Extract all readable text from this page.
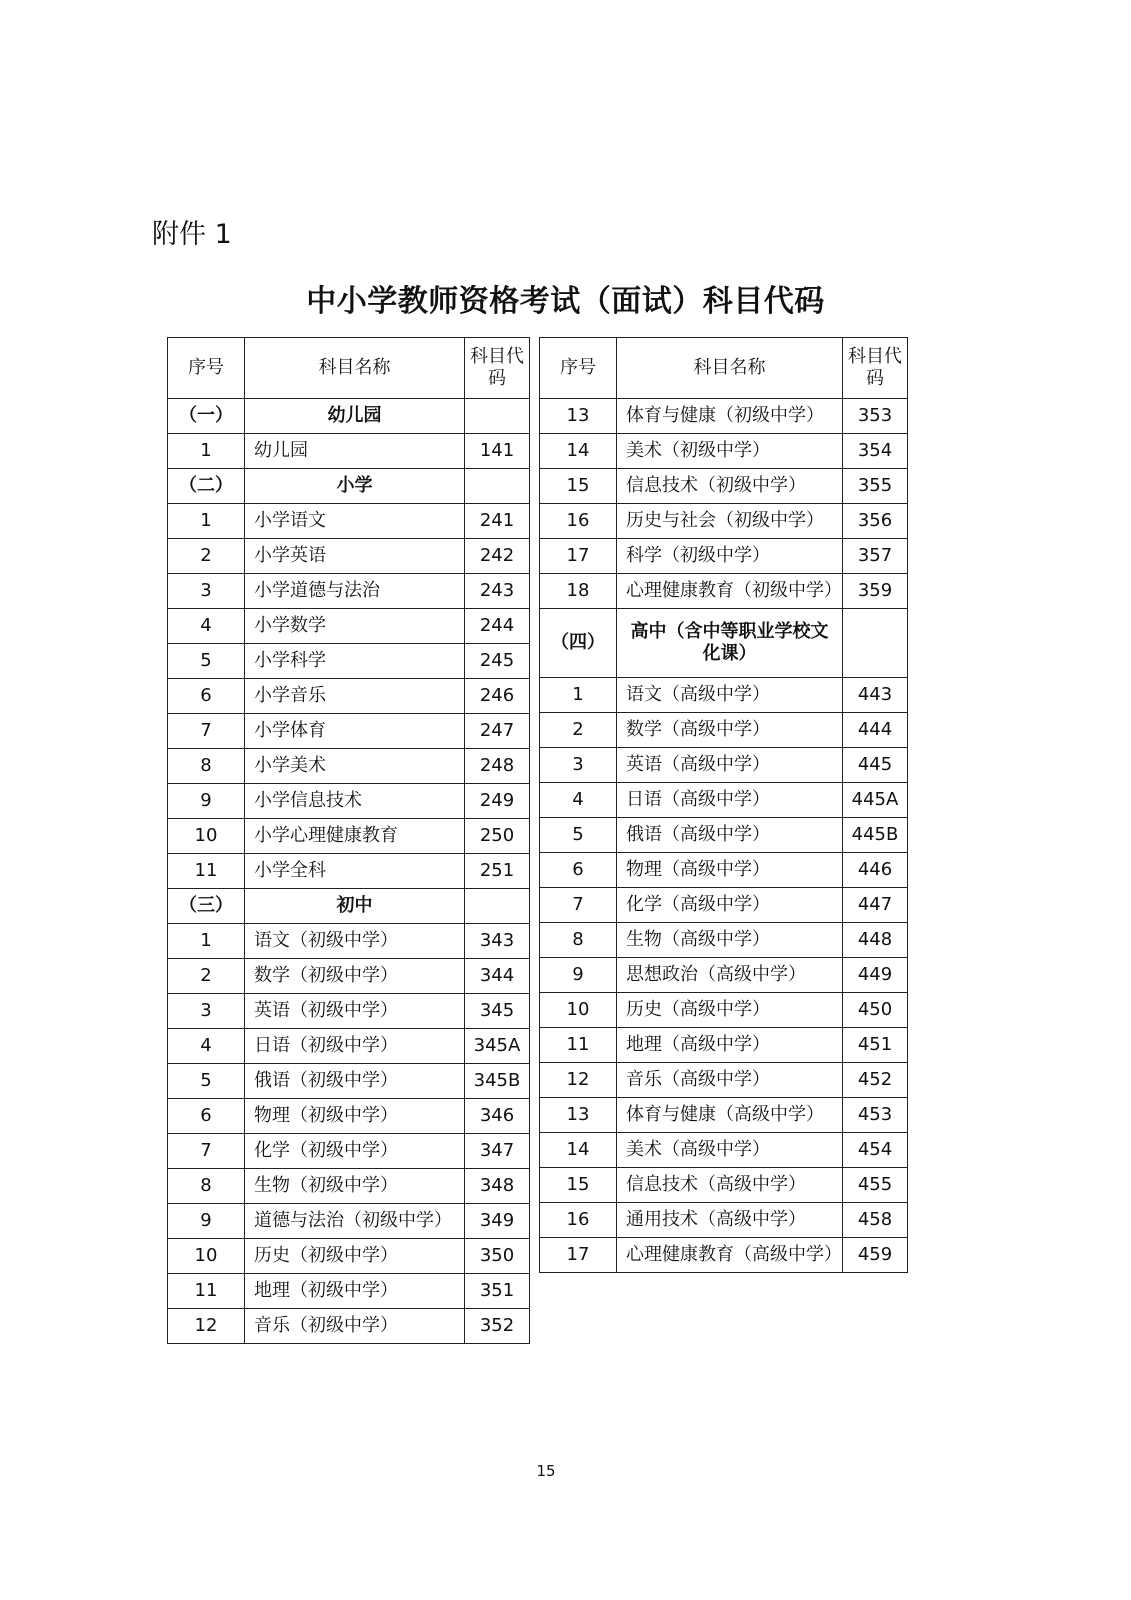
附件 1
中小学教师资格考试（面试）科目代码
序号	科目名称	科目代码
（一）	幼儿园	
1	幼儿园	141
（二）	小学	
1	小学语文	241
2	小学英语	242
3	小学道德与法治	243
4	小学数学	244
5	小学科学	245
6	小学音乐	246
7	小学体育	247
8	小学美术	248
9	小学信息技术	249
10	小学心理健康教育	250
11	小学全科	251
（三）	初中	
1	语文（初级中学）	343
2	数学（初级中学）	344
3	英语（初级中学）	345
4	日语（初级中学）	345A
5	俄语（初级中学）	345B
6	物理（初级中学）	346
7	化学（初级中学）	347
8	生物（初级中学）	348
9	道德与法治（初级中学）	349
10	历史（初级中学）	350
11	地理（初级中学）	351
12	音乐（初级中学）	352
序号	科目名称	科目代码
13	体育与健康（初级中学）	353
14	美术（初级中学）	354
15	信息技术（初级中学）	355
16	历史与社会（初级中学）	356
17	科学（初级中学）	357
18	心理健康教育（初级中学）	359
（四）	高中（含中等职业学校文化课）	
1	语文（高级中学）	443
2	数学（高级中学）	444
3	英语（高级中学）	445
4	日语（高级中学）	445A
5	俄语（高级中学）	445B
6	物理（高级中学）	446
7	化学（高级中学）	447
8	生物（高级中学）	448
9	思想政治（高级中学）	449
10	历史（高级中学）	450
11	地理（高级中学）	451
12	音乐（高级中学）	452
13	体育与健康（高级中学）	453
14	美术（高级中学）	454
15	信息技术（高级中学）	455
16	通用技术（高级中学）	458
17	心理健康教育（高级中学）	459
15
